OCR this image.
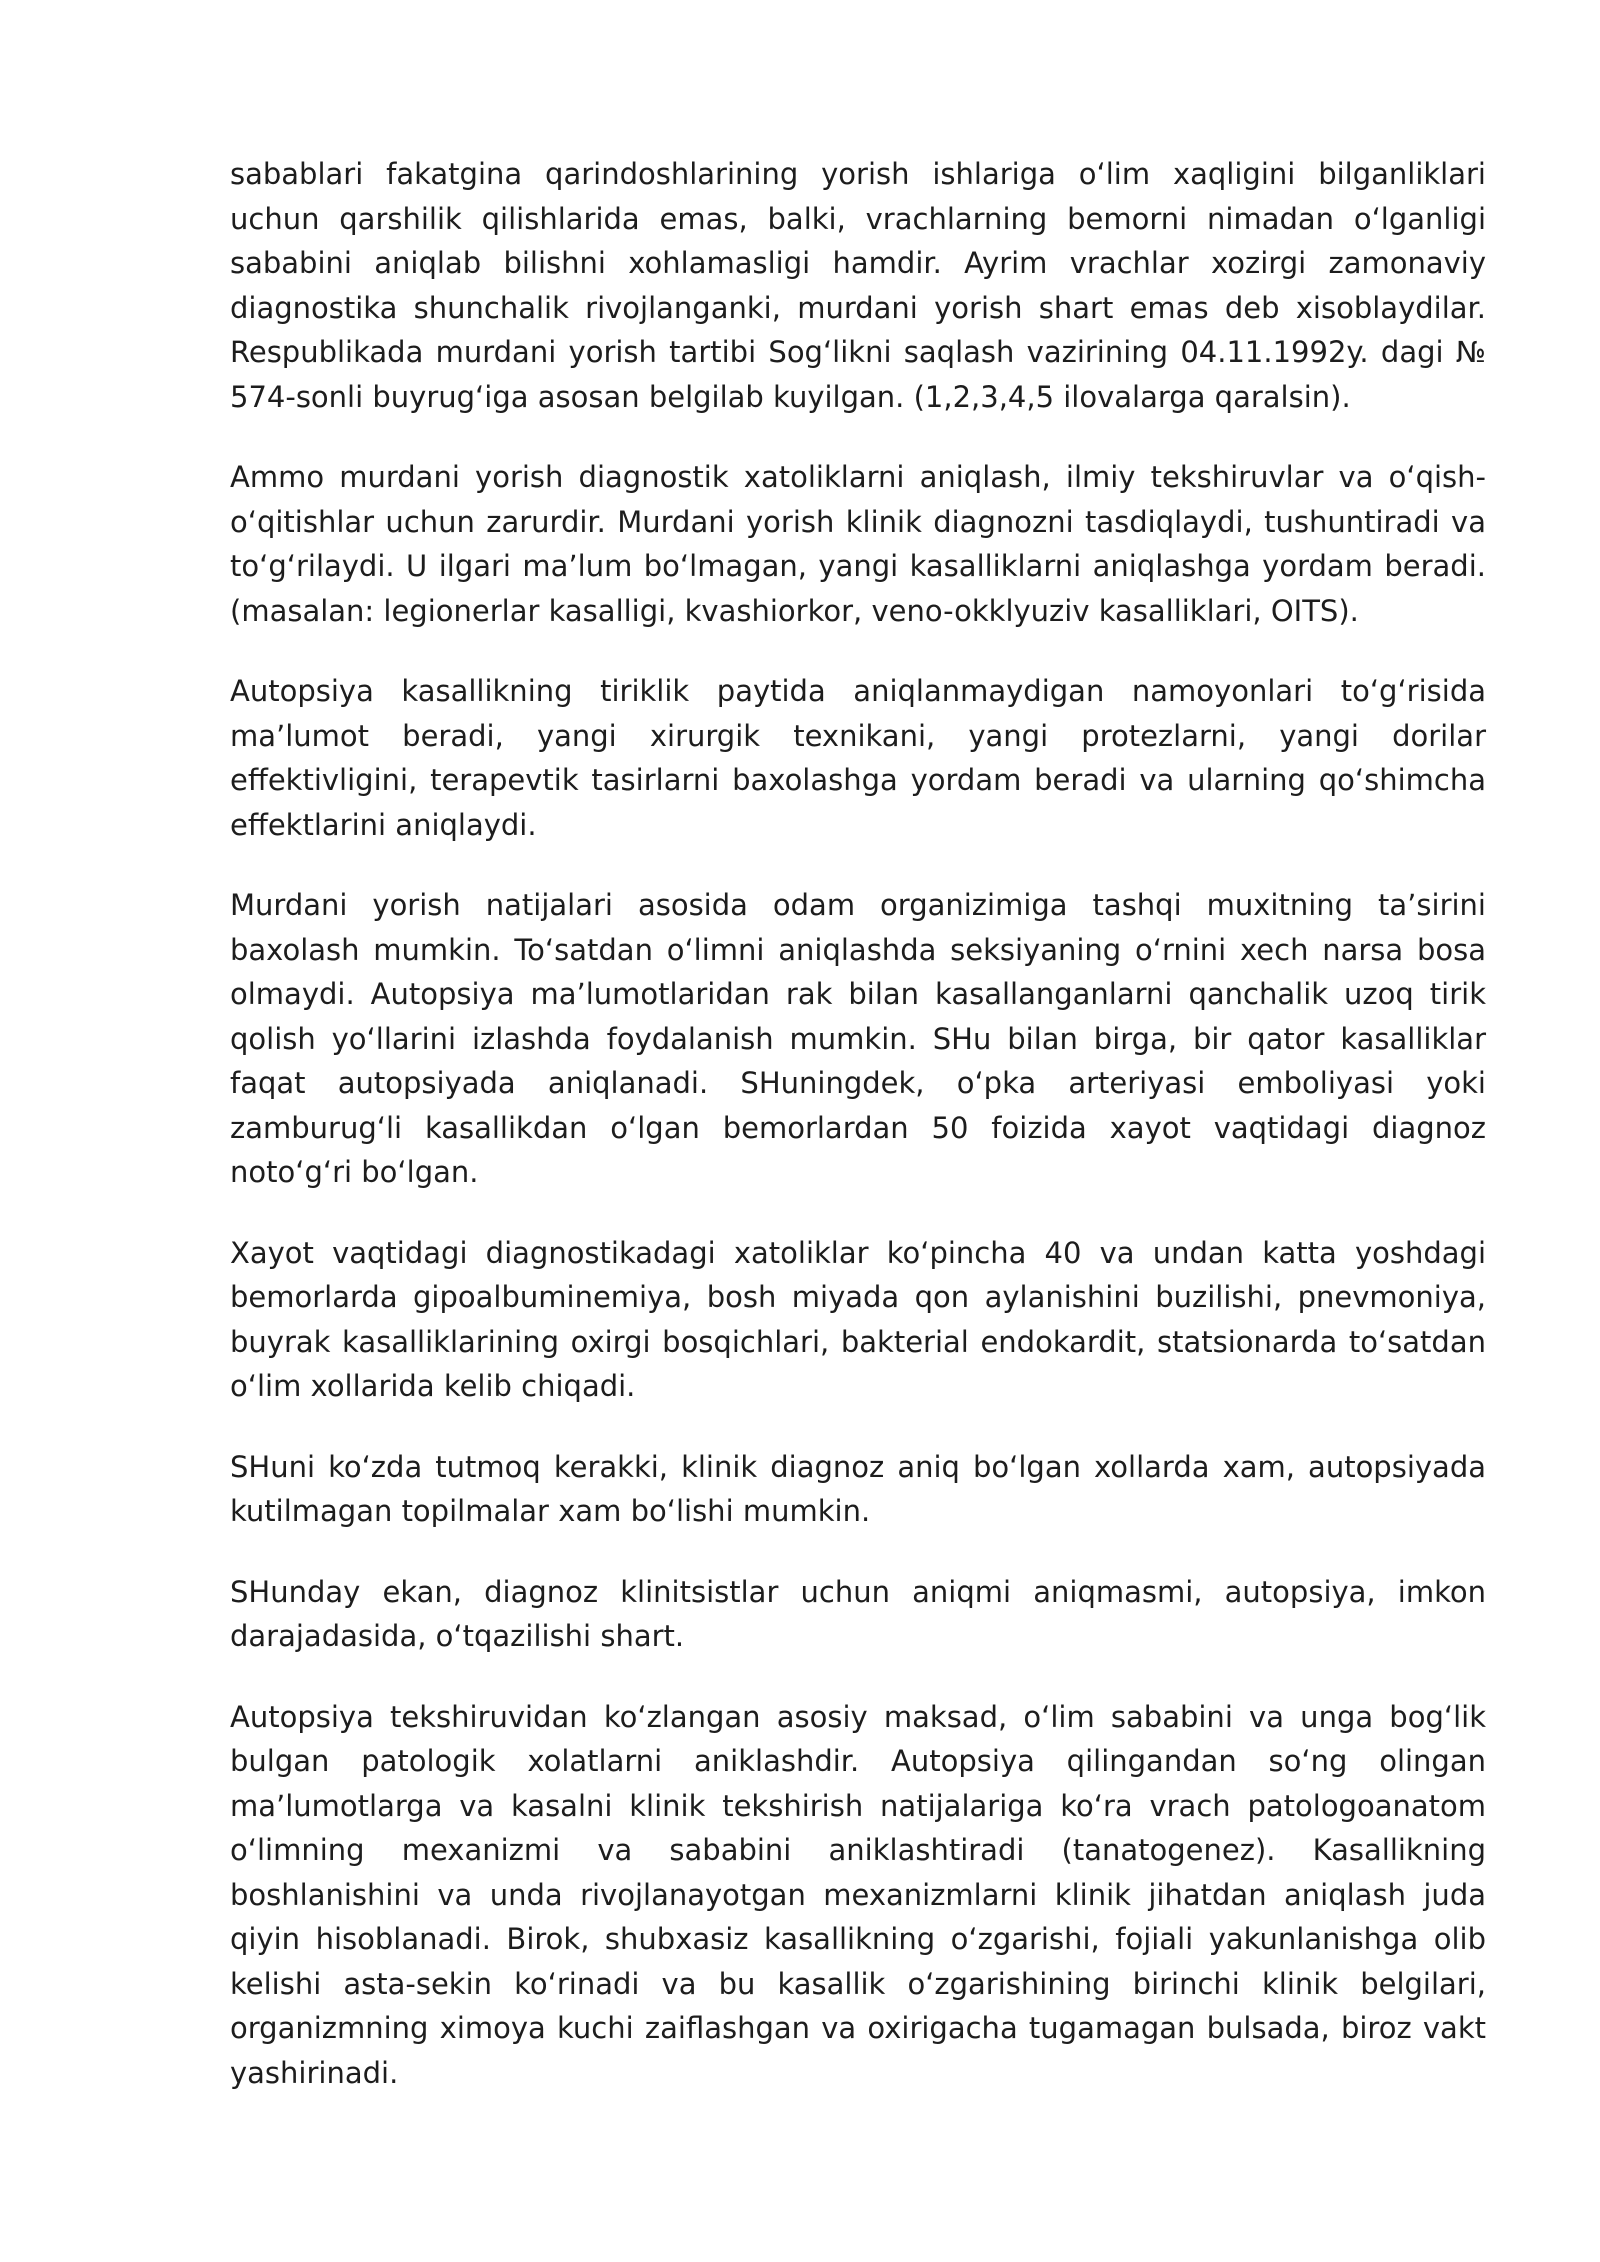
sabablari fakatgina qarindoshlarining yorish ishlariga oʻlim xaqligini bilganliklari uchun qarshilik qilishlarida emas, balki, vrachlarning bemorni nimadan oʻlganligi sababini aniqlab bilishni xohlamasligi hamdir. Ayrim vrachlar xozirgi zamonaviy diagnostika shunchalik rivojlanganki, murdani yorish shart emas deb xisoblaydilar. Respublikada murdani yorish tartibi Sogʻlikni saqlash vazirining 04.11.1992y. dagi № 574-sonli buyrugʻiga asosan belgilab kuyilgan. (1,2,3,4,5 ilovalarga qaralsin).

Ammo murdani yorish diagnostik xatoliklarni aniqlash, ilmiy tekshiruvlar va oʻqish-oʻqitishlar uchun zarurdir. Murdani yorish klinik diagnozni tasdiqlaydi, tushuntiradi va toʻgʻrilaydi. U ilgari maʼlum boʻlmagan, yangi kasalliklarni aniqlashga yordam beradi. (masalan: legionerlar kasalligi, kvashiorkor, veno-okklyuziv kasalliklari, OITS).

Autopsiya kasallikning tiriklik paytida aniqlanmaydigan namoyonlari toʻgʻrisida maʼlumot beradi, yangi xirurgik texnikani, yangi protezlarni, yangi dorilar effektivligini, terapevtik tasirlarni baxolashga yordam beradi va ularning qoʻshimcha effektlarini aniqlaydi.

Murdani yorish natijalari asosida odam organizimiga tashqi muxitning taʼsirini baxolash mumkin. Toʻsatdan oʻlimni aniqlashda seksiyaning oʻrnini xech narsa bosa olmaydi. Autopsiya maʼlumotlaridan rak bilan kasallanganlarni qanchalik uzoq tirik qolish yoʻllarini izlashda foydalanish mumkin. SHu bilan birga, bir qator kasalliklar faqat autopsiyada aniqlanadi. SHuningdek, oʻpka arteriyasi emboliyasi yoki zamburugʻli kasallikdan oʻlgan bemorlardan 50 foizida xayot vaqtidagi diagnoz notoʻgʻri boʻlgan.

Xayot vaqtidagi diagnostikadagi xatoliklar koʻpincha 40 va undan katta yoshdagi bemorlarda gipoalbuminemiya, bosh miyada qon aylanishini buzilishi, pnevmoniya, buyrak kasalliklarining oxirgi bosqichlari, bakterial endokardit, statsionarda toʻsatdan oʻlim xollarida kelib chiqadi.

SHuni koʻzda tutmoq kerakki, klinik diagnoz aniq boʻlgan xollarda xam, autopsiyada kutilmagan topilmalar xam boʻlishi mumkin.

SHunday ekan, diagnoz klinitsistlar uchun aniqmi aniqmasmi, autopsiya, imkon darajadasida, oʻtqazilishi shart.

Autopsiya tekshiruvidan koʻzlangan asosiy maksad, oʻlim sababini va unga bogʻlik bulgan patologik xolatlarni aniklashdir. Autopsiya qilingandan soʻng olingan maʼlumotlarga va kasalni klinik tekshirish natijalariga koʻra vrach patologoanatom oʻlimning mexanizmi va sababini aniklashtiradi (tanatogenez). Kasallikning boshlanishini va unda rivojlanayotgan mexanizmlarni klinik jihatdan aniqlash juda qiyin hisoblanadi. Birok, shubxasiz kasallikning oʻzgarishi, fojiali yakunlanishga olib kelishi asta-sekin koʻrinadi va bu kasallik oʻzgarishining birinchi klinik belgilari, organizmning ximoya kuchi zaiflashgan va oxirigacha tugamagan bulsada, biroz vakt yashirinadi.
